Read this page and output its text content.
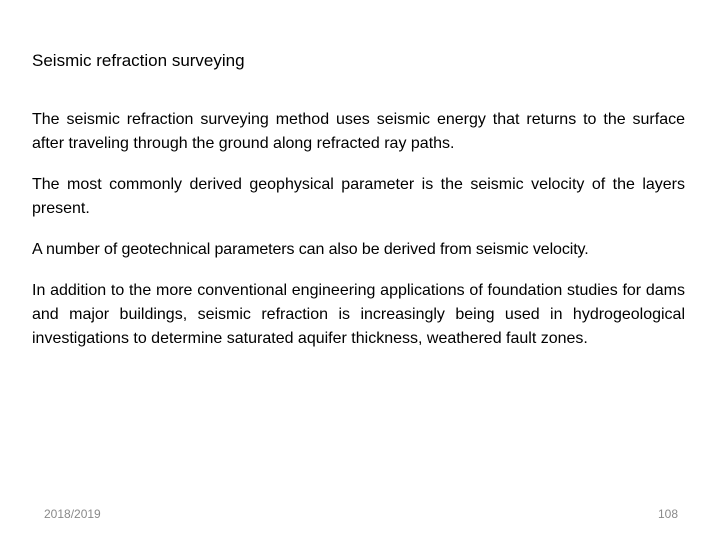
Seismic refraction surveying

The seismic refraction surveying method uses seismic energy that returns to the surface after traveling through the ground along refracted ray paths.

The most commonly derived geophysical parameter is the seismic velocity of the layers present.

A number of geotechnical parameters can also be derived from seismic velocity.

In addition to the more conventional engineering applications of foundation studies for dams and major buildings, seismic refraction is increasingly being used in hydrogeological investigations to determine saturated aquifer thickness, weathered fault zones.

2018/2019	108
